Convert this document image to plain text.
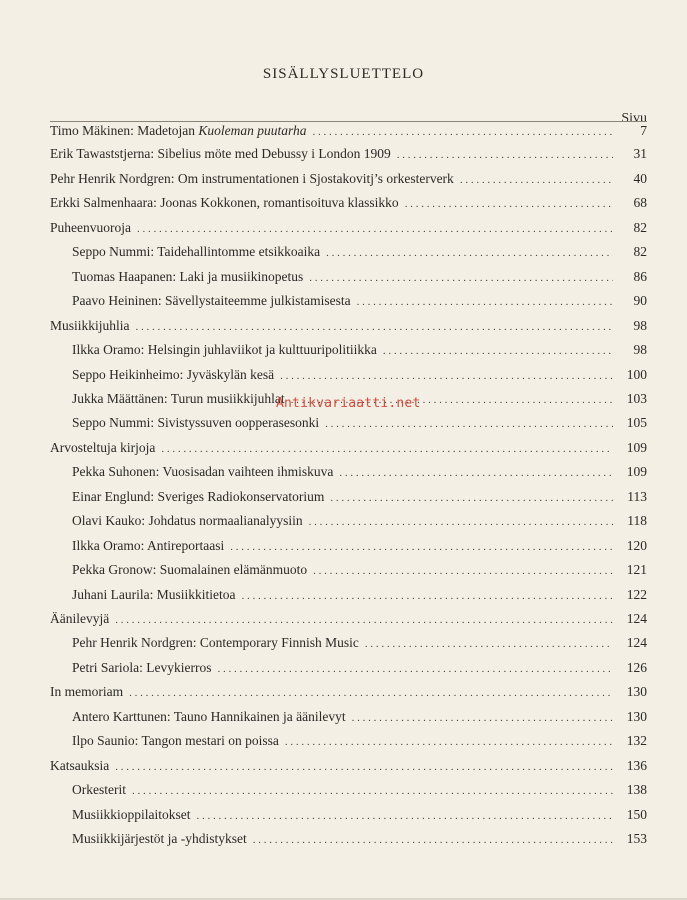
SISÄLLYSLUETTELO
Sivu
Timo Mäkinen: Madetojan Kuoleman puutarha . . .	7
Erik Tawaststjerna: Sibelius möte med Debussy i London 1909 . . .	31
Pehr Henrik Nordgren: Om instrumentationen i Sjostakovitj’s orkesterverk . . .	40
Erkki Salmenhaara: Joonas Kokkonen, romantisoituva klassikko . . .	68
Puheenvuoroja . . .	82
Seppo Nummi: Taidehallintomme etsikkoaika . . .	82
Tuomas Haapanen: Laki ja musiikinopetus . . .	86
Paavo Heininen: Sävellystaiteemme julkistamisesta . . .	90
Musiikkijuhlia . . .	98
Ilkka Oramo: Helsingin juhlaviikot ja kulttuuripolitiikka . . .	98
Seppo Heikinheimo: Jyväskylän kesä . . .	100
Jukka Määttänen: Turun musiikkijuhlat . . .	103
Seppo Nummi: Sivistyssuven oopperasesonki . . .	105
Arvosteltuja kirjoja . . .	109
Pekka Suhonen: Vuosisadan vaihteen ihmiskuva . . .	109
Einar Englund: Sveriges Radiokonservatorium . . .	113
Olavi Kauko: Johdatus normaalianalyysiin . . .	118
Ilkka Oramo: Antireportaasi . . .	120
Pekka Gronow: Suomalainen elämänmuoto . . .	121
Juhani Laurila: Musiikkitietoa . . .	122
Äänilevyjä . . .	124
Pehr Henrik Nordgren: Contemporary Finnish Music . . .	124
Petri Sariola: Levykierros . . .	126
In memoriam . . .	130
Antero Karttunen: Tauno Hannikainen ja äänilevyt . . .	130
Ilpo Saunio: Tangon mestari on poissa . . .	132
Katsauksia . . .	136
Orkesterit . . .	138
Musiikkioppilaitokset . . .	150
Musiikkijärjestöt ja -yhdistykset . . .	153
Antikvariaatti.net
